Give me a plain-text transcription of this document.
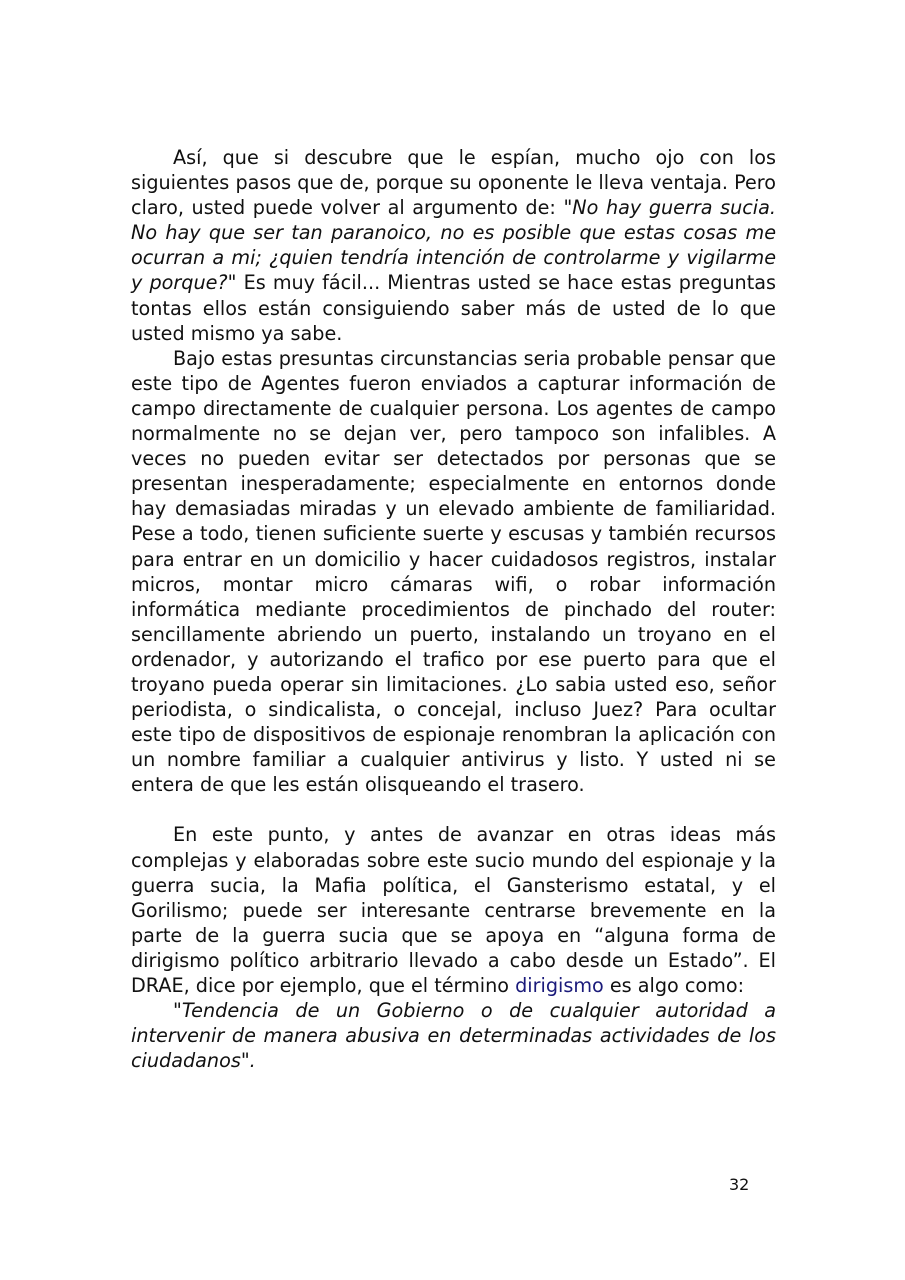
Así, que si descubre que le espían, mucho ojo con los siguientes pasos que de, porque su oponente le lleva ventaja. Pero claro, usted puede volver al argumento de: "No hay guerra sucia. No hay que ser tan paranoico, no es posible que estas cosas me ocurran a mi; ¿quien tendría intención de controlarme y vigilarme y porque?" Es muy fácil... Mientras usted se hace estas preguntas tontas ellos están consiguiendo saber más de usted de lo que usted mismo ya sabe.

Bajo estas presuntas circunstancias seria probable pensar que este tipo de Agentes fueron enviados a capturar información de campo directamente de cualquier persona. Los agentes de campo normalmente no se dejan ver, pero tampoco son infalibles. A veces no pueden evitar ser detectados por personas que se presentan inesperadamente; especialmente en entornos donde hay demasiadas miradas y un elevado ambiente de familiaridad. Pese a todo, tienen suficiente suerte y escusas y también recursos para entrar en un domicilio y hacer cuidadosos registros, instalar micros, montar micro cámaras wifi, o robar información informática mediante procedimientos de pinchado del router: sencillamente abriendo un puerto, instalando un troyano en el ordenador, y autorizando el trafico por ese puerto para que el troyano pueda operar sin limitaciones. ¿Lo sabia usted eso, señor periodista, o sindicalista, o concejal, incluso Juez? Para ocultar este tipo de dispositivos de espionaje renombran la aplicación con un nombre familiar a cualquier antivirus y listo. Y usted ni se entera de que les están olisqueando el trasero.

En este punto, y antes de avanzar en otras ideas más complejas y elaboradas sobre este sucio mundo del espionaje y la guerra sucia, la Mafia política, el Gansterismo estatal, y el Gorilismo; puede ser interesante centrarse brevemente en la parte de la guerra sucia que se apoya en “alguna forma de dirigismo político arbitrario llevado a cabo desde un Estado”. El DRAE, dice por ejemplo, que el término dirigismo es algo como:

"Tendencia de un Gobierno o de cualquier autoridad a intervenir de manera abusiva en determinadas actividades de los ciudadanos".

32
